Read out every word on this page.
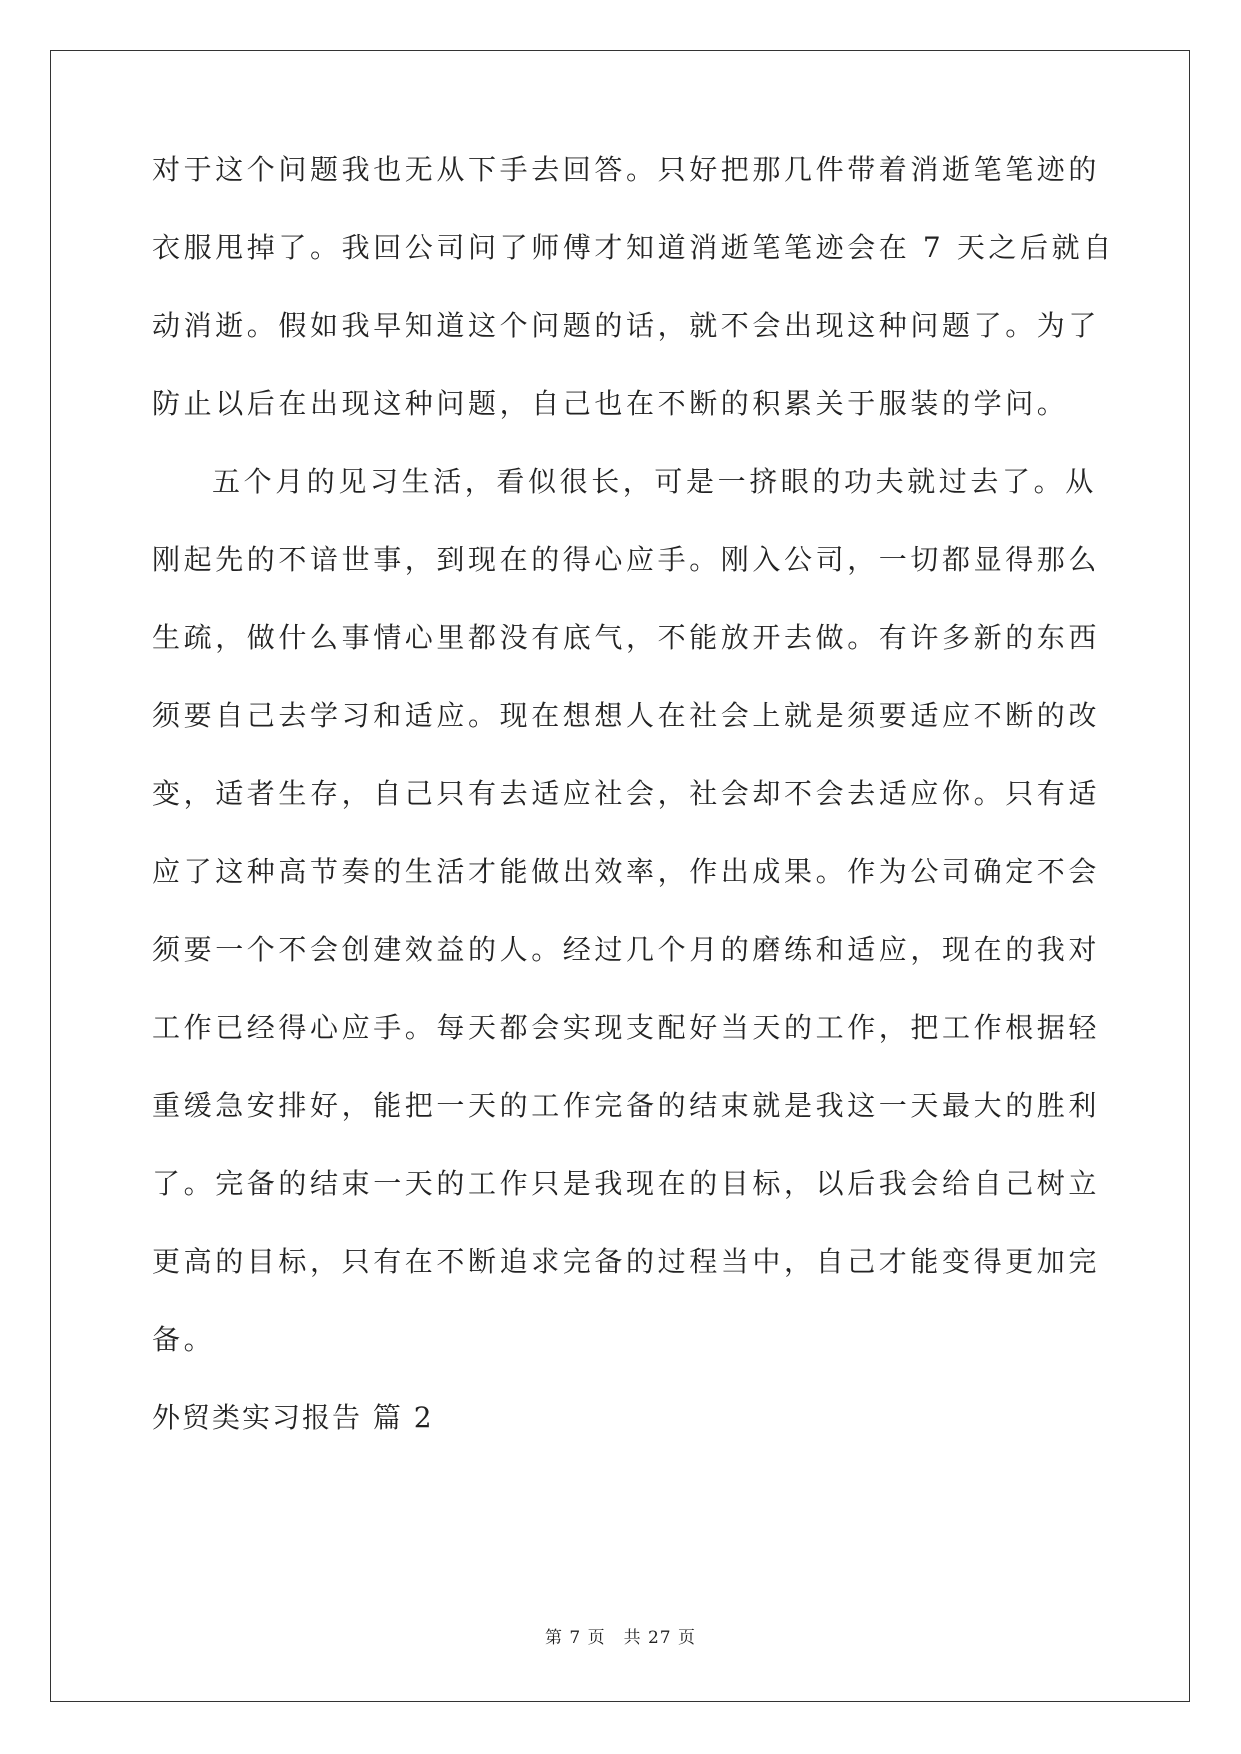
对于这个问题我也无从下手去回答。只好把那几件带着消逝笔笔迹的
衣服甩掉了。我回公司问了师傅才知道消逝笔笔迹会在 7 天之后就自
动消逝。假如我早知道这个问题的话，就不会出现这种问题了。为了
防止以后在出现这种问题，自己也在不断的积累关于服装的学问。
五个月的见习生活，看似很长，可是一挤眼的功夫就过去了。从
刚起先的不谙世事，到现在的得心应手。刚入公司，一切都显得那么
生疏，做什么事情心里都没有底气，不能放开去做。有许多新的东西
须要自己去学习和适应。现在想想人在社会上就是须要适应不断的改
变，适者生存，自己只有去适应社会，社会却不会去适应你。只有适
应了这种高节奏的生活才能做出效率，作出成果。作为公司确定不会
须要一个不会创建效益的人。经过几个月的磨练和适应，现在的我对
工作已经得心应手。每天都会实现支配好当天的工作，把工作根据轻
重缓急安排好，能把一天的工作完备的结束就是我这一天最大的胜利
了。完备的结束一天的工作只是我现在的目标，以后我会给自己树立
更高的目标，只有在不断追求完备的过程当中，自己才能变得更加完
备。
外贸类实习报告 篇 2
第 7 页　共 27 页
